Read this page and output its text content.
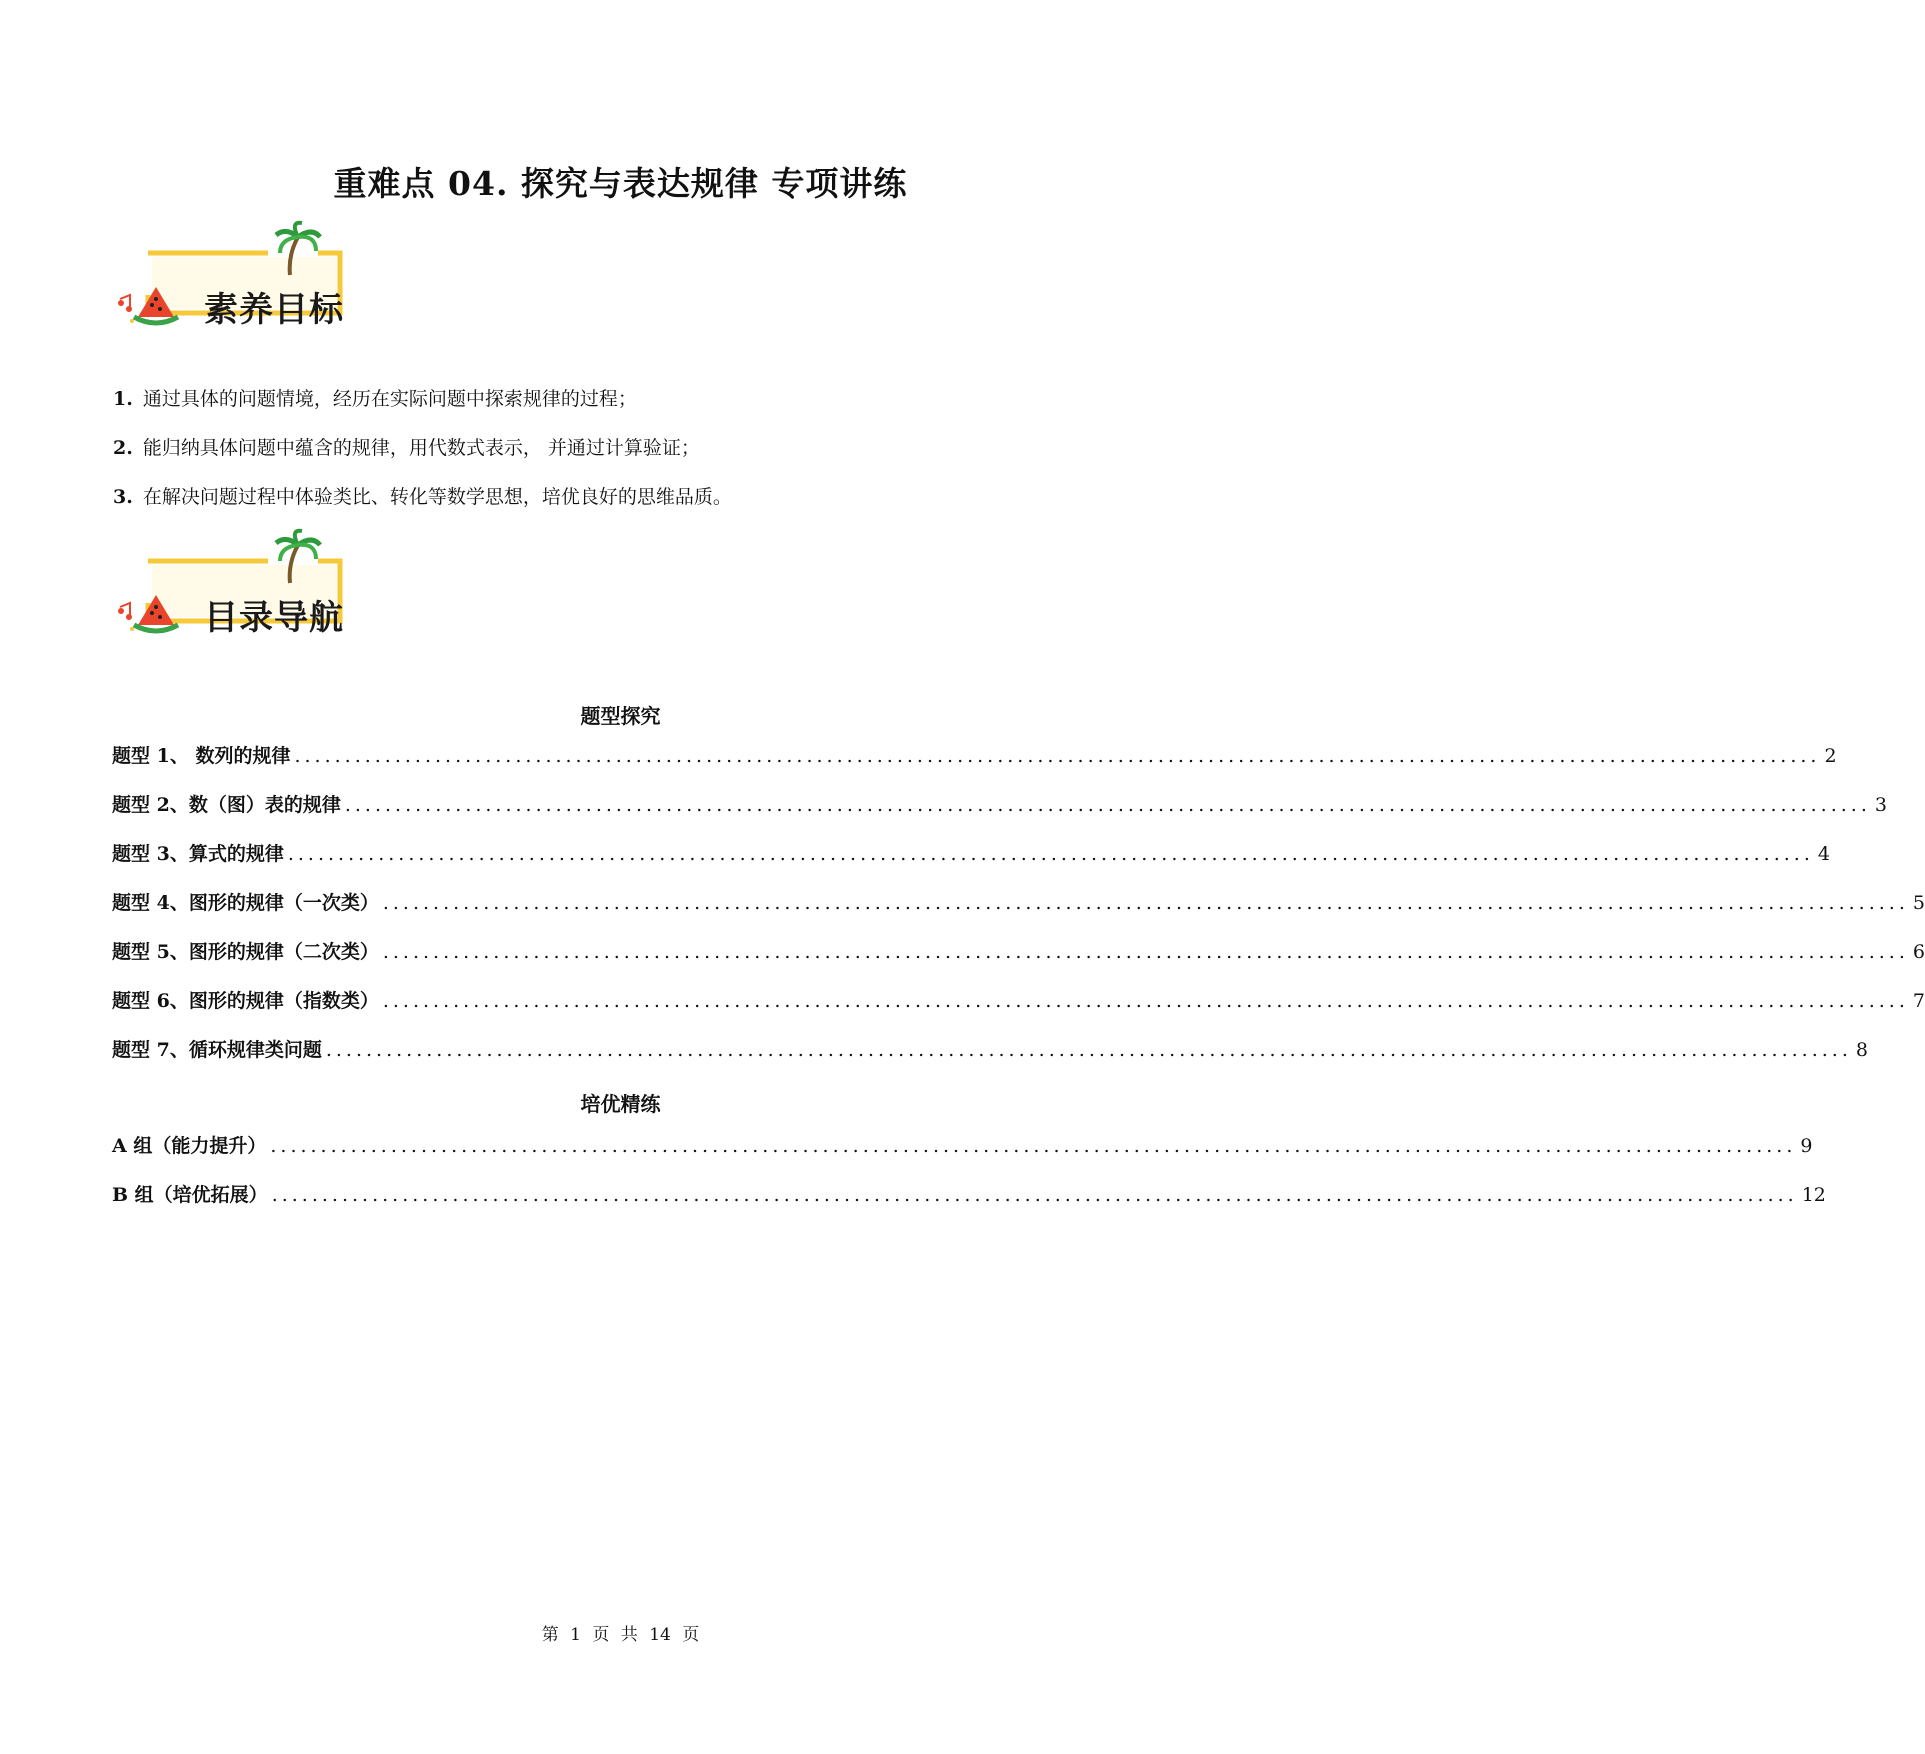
重难点 04. 探究与表达规律 专项讲练
素养目标
1. 通过具体的问题情境，经历在实际问题中探索规律的过程；
2. 能归纳具体问题中蕴含的规律，用代数式表示， 并通过计算验证；
3. 在解决问题过程中体验类比、转化等数学思想，培优良好的思维品质。
目录导航
题型探究
题型 1、 数列的规律 ........................................................................................................................................................ 2
题型 2、数（图）表的规律 ........................................................................................................................................................ 3
题型 3、算式的规律 ........................................................................................................................................................ 4
题型 4、图形的规律（一次类） ........................................................................................................................................................ 5
题型 5、图形的规律（二次类） ........................................................................................................................................................ 6
题型 6、图形的规律（指数类） ........................................................................................................................................................ 7
题型 7、循环规律类问题 ........................................................................................................................................................ 8
培优精练
A 组（能力提升） ........................................................................................................................................................ 9
B 组（培优拓展） ........................................................................................................................................................ 12
第 1 页 共 14 页
